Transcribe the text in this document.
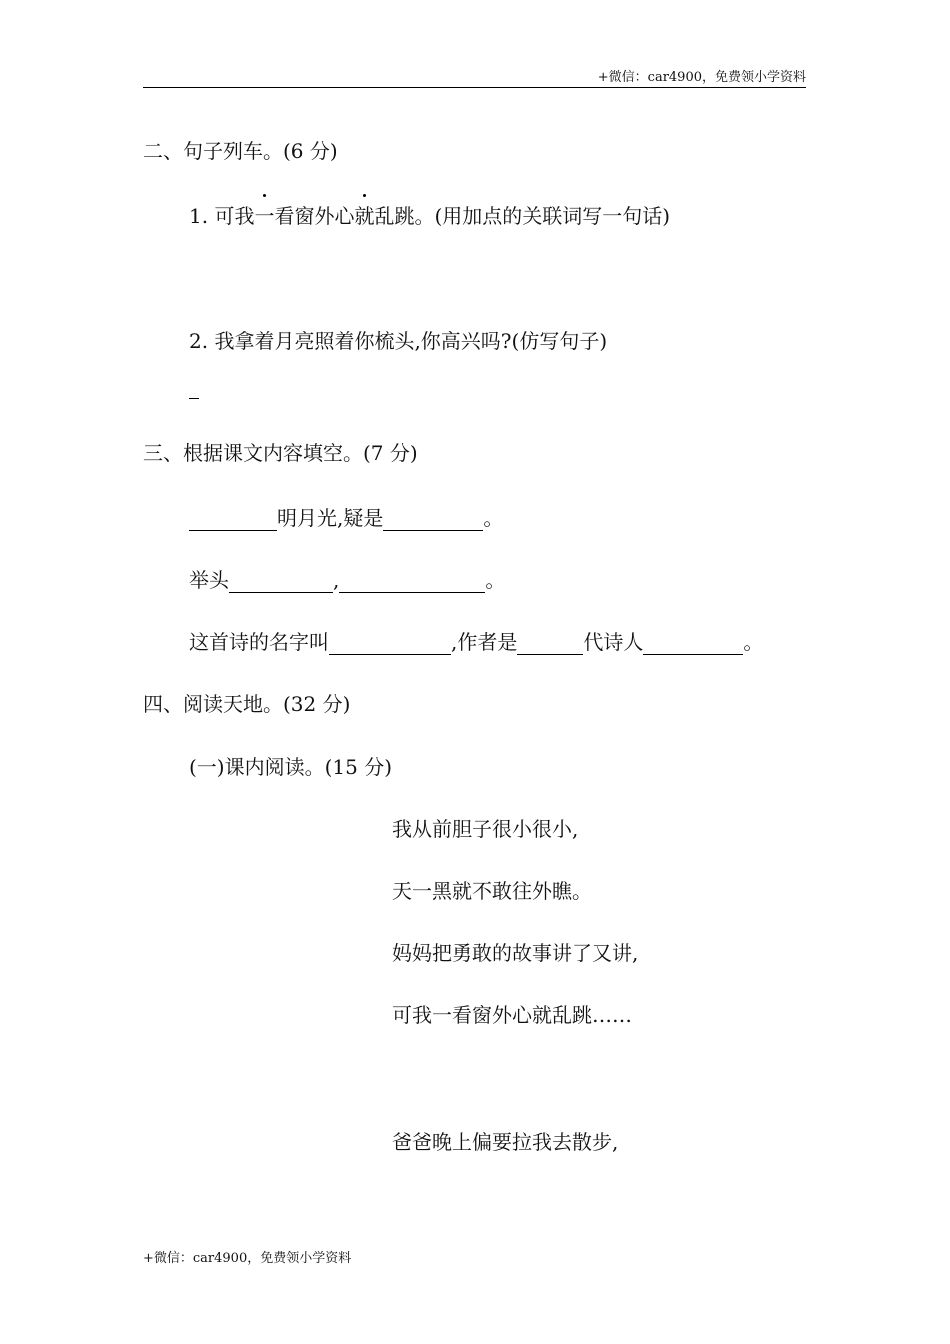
+微信：car4900，免费领小学资料
二、句子列车。(6 分)
1. 可我一看窗外心就乱跳。(用加点的关联词写一句话)
2. 我拿着月亮照着你梳头,你高兴吗?(仿写句子)
三、根据课文内容填空。(7 分)
明月光,疑是	。
举头	,	。
这首诗的名字叫	,作者是	代诗人	。
四、阅读天地。(32 分)
(一)课内阅读。(15 分)
我从前胆子很小很小,
天一黑就不敢往外瞧。
妈妈把勇敢的故事讲了又讲,
可我一看窗外心就乱跳……
爸爸晚上偏要拉我去散步,
+微信：car4900，免费领小学资料
